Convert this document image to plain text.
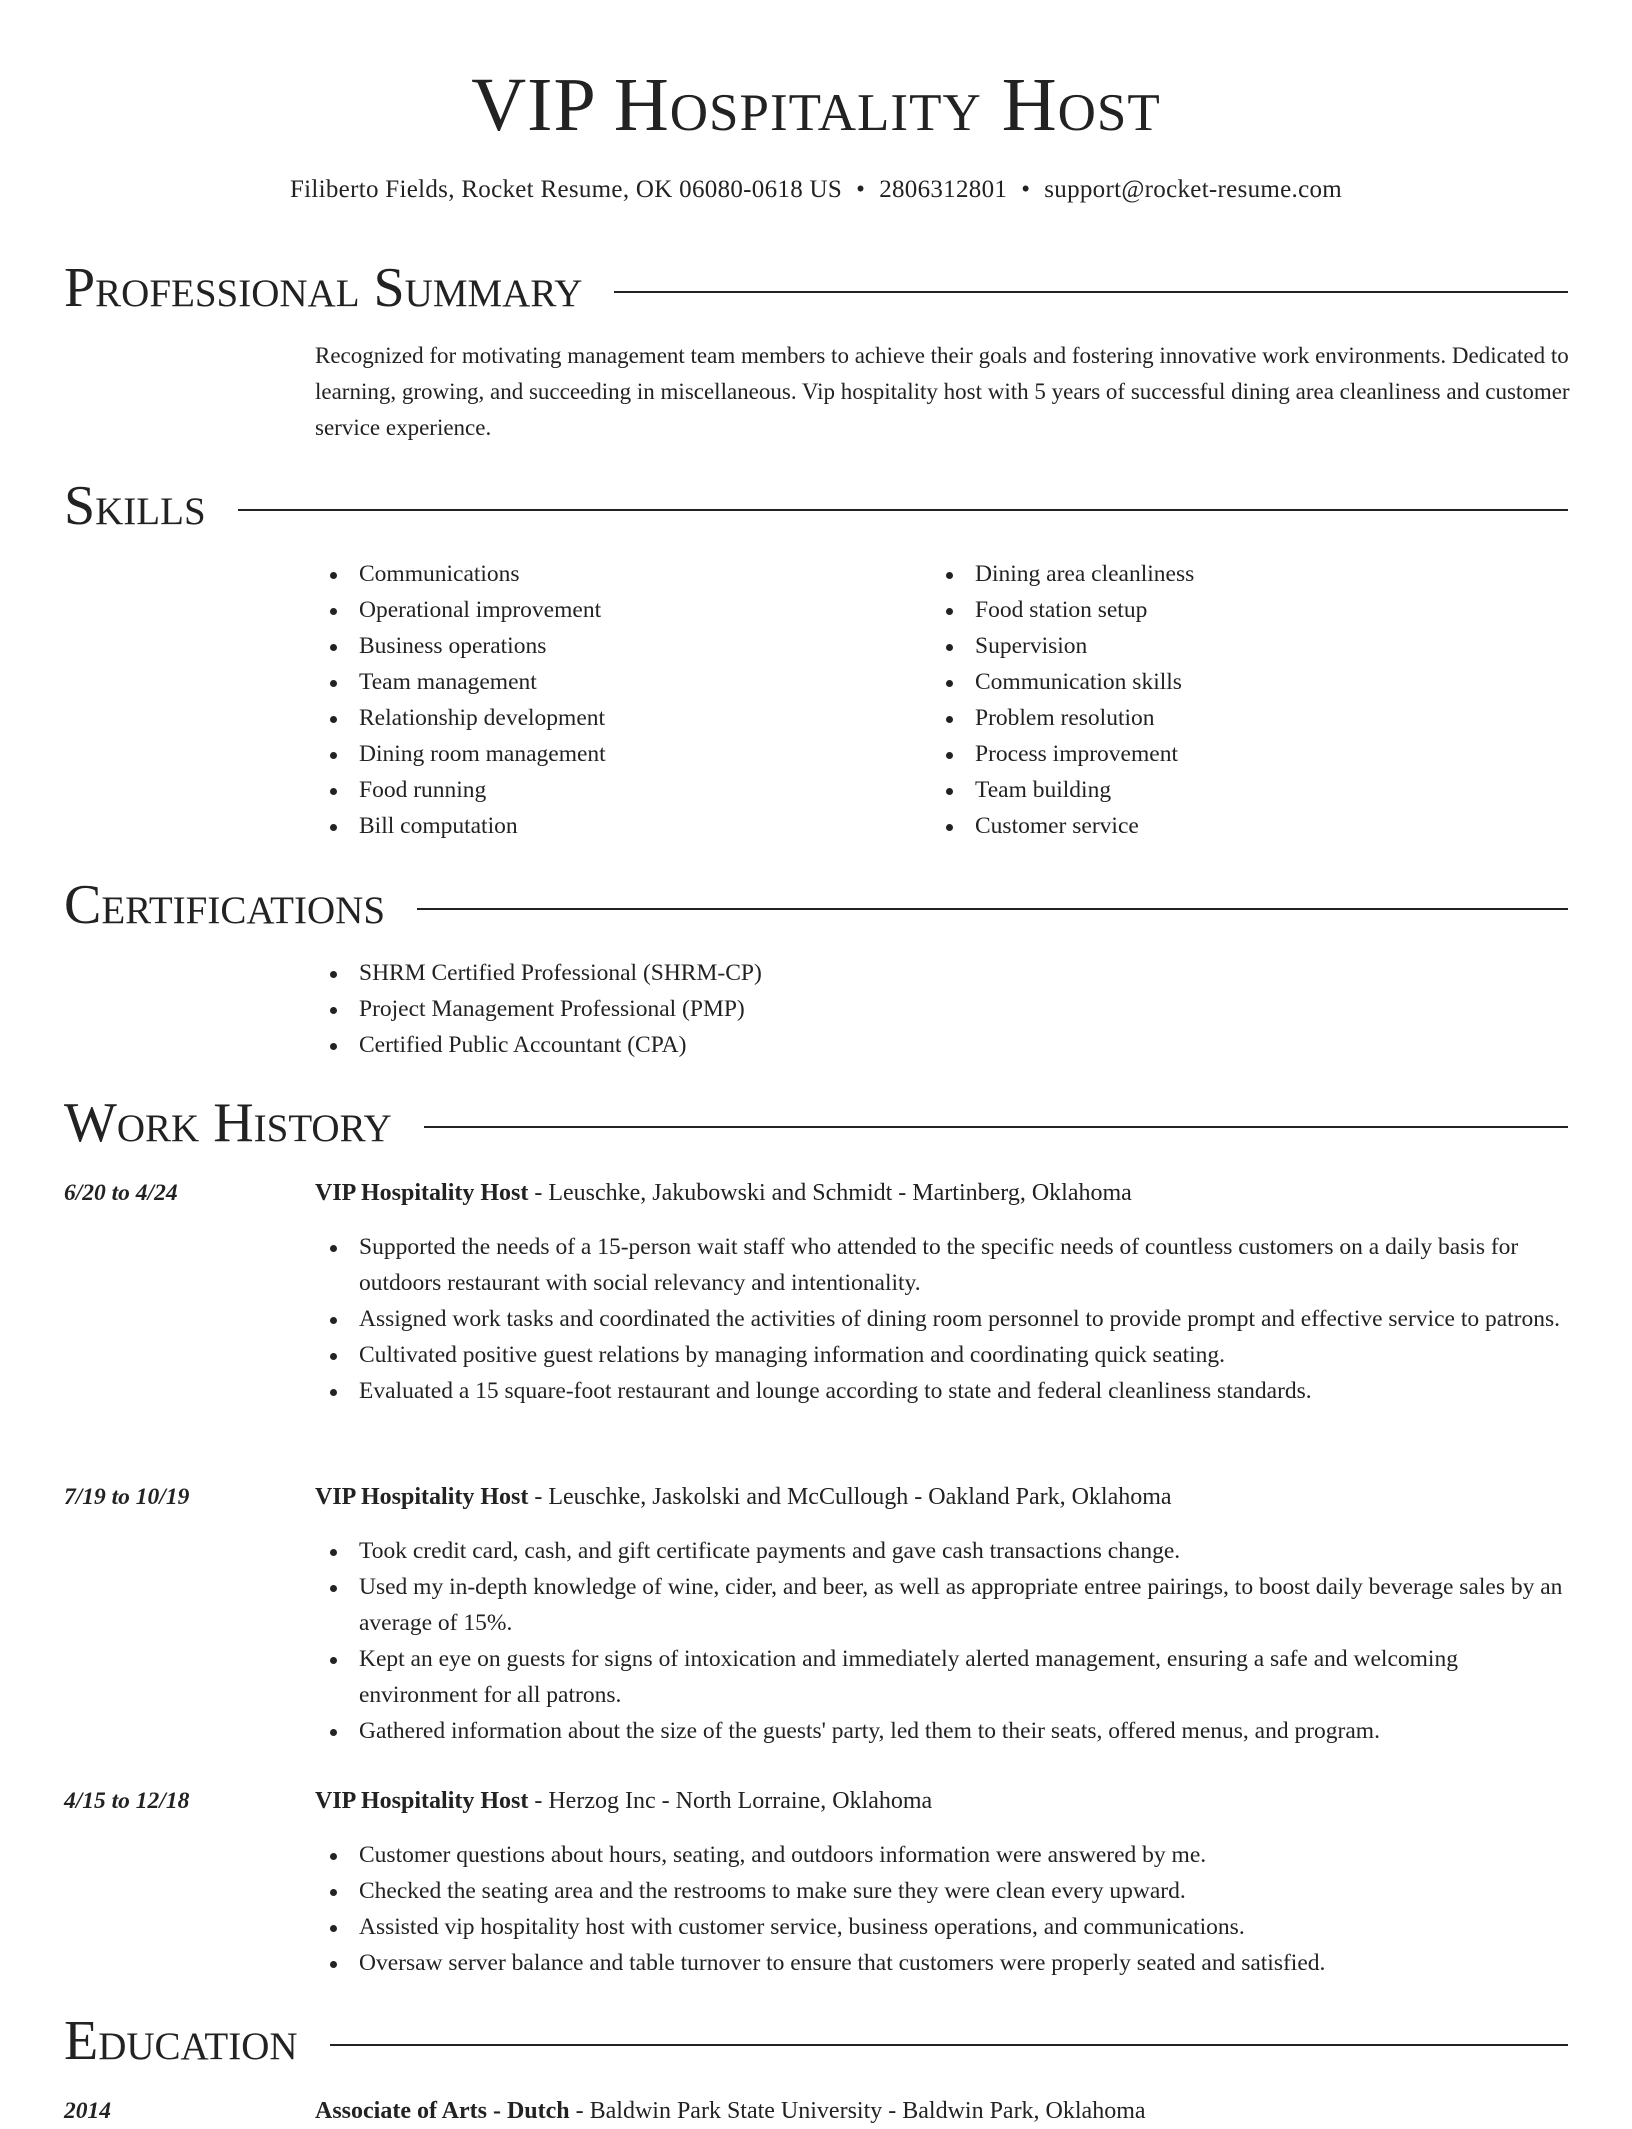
VIP Hospitality Host
Filiberto Fields, Rocket Resume, OK 06080-0618 US • 2806312801 • support@rocket-resume.com
Professional Summary
Recognized for motivating management team members to achieve their goals and fostering innovative work environments. Dedicated to learning, growing, and succeeding in miscellaneous. Vip hospitality host with 5 years of successful dining area cleanliness and customer service experience.
Skills
Communications
Operational improvement
Business operations
Team management
Relationship development
Dining room management
Food running
Bill computation
Dining area cleanliness
Food station setup
Supervision
Communication skills
Problem resolution
Process improvement
Team building
Customer service
Certifications
SHRM Certified Professional (SHRM-CP)
Project Management Professional (PMP)
Certified Public Accountant (CPA)
Work History
6/20 to 4/24	VIP Hospitality Host - Leuschke, Jakubowski and Schmidt - Martinberg, Oklahoma
Supported the needs of a 15-person wait staff who attended to the specific needs of countless customers on a daily basis for outdoors restaurant with social relevancy and intentionality.
Assigned work tasks and coordinated the activities of dining room personnel to provide prompt and effective service to patrons.
Cultivated positive guest relations by managing information and coordinating quick seating.
Evaluated a 15 square-foot restaurant and lounge according to state and federal cleanliness standards.
7/19 to 10/19	VIP Hospitality Host - Leuschke, Jaskolski and McCullough - Oakland Park, Oklahoma
Took credit card, cash, and gift certificate payments and gave cash transactions change.
Used my in-depth knowledge of wine, cider, and beer, as well as appropriate entree pairings, to boost daily beverage sales by an average of 15%.
Kept an eye on guests for signs of intoxication and immediately alerted management, ensuring a safe and welcoming environment for all patrons.
Gathered information about the size of the guests' party, led them to their seats, offered menus, and program.
4/15 to 12/18	VIP Hospitality Host - Herzog Inc - North Lorraine, Oklahoma
Customer questions about hours, seating, and outdoors information were answered by me.
Checked the seating area and the restrooms to make sure they were clean every upward.
Assisted vip hospitality host with customer service, business operations, and communications.
Oversaw server balance and table turnover to ensure that customers were properly seated and satisfied.
Education
2014	Associate of Arts - Dutch - Baldwin Park State University - Baldwin Park, Oklahoma
